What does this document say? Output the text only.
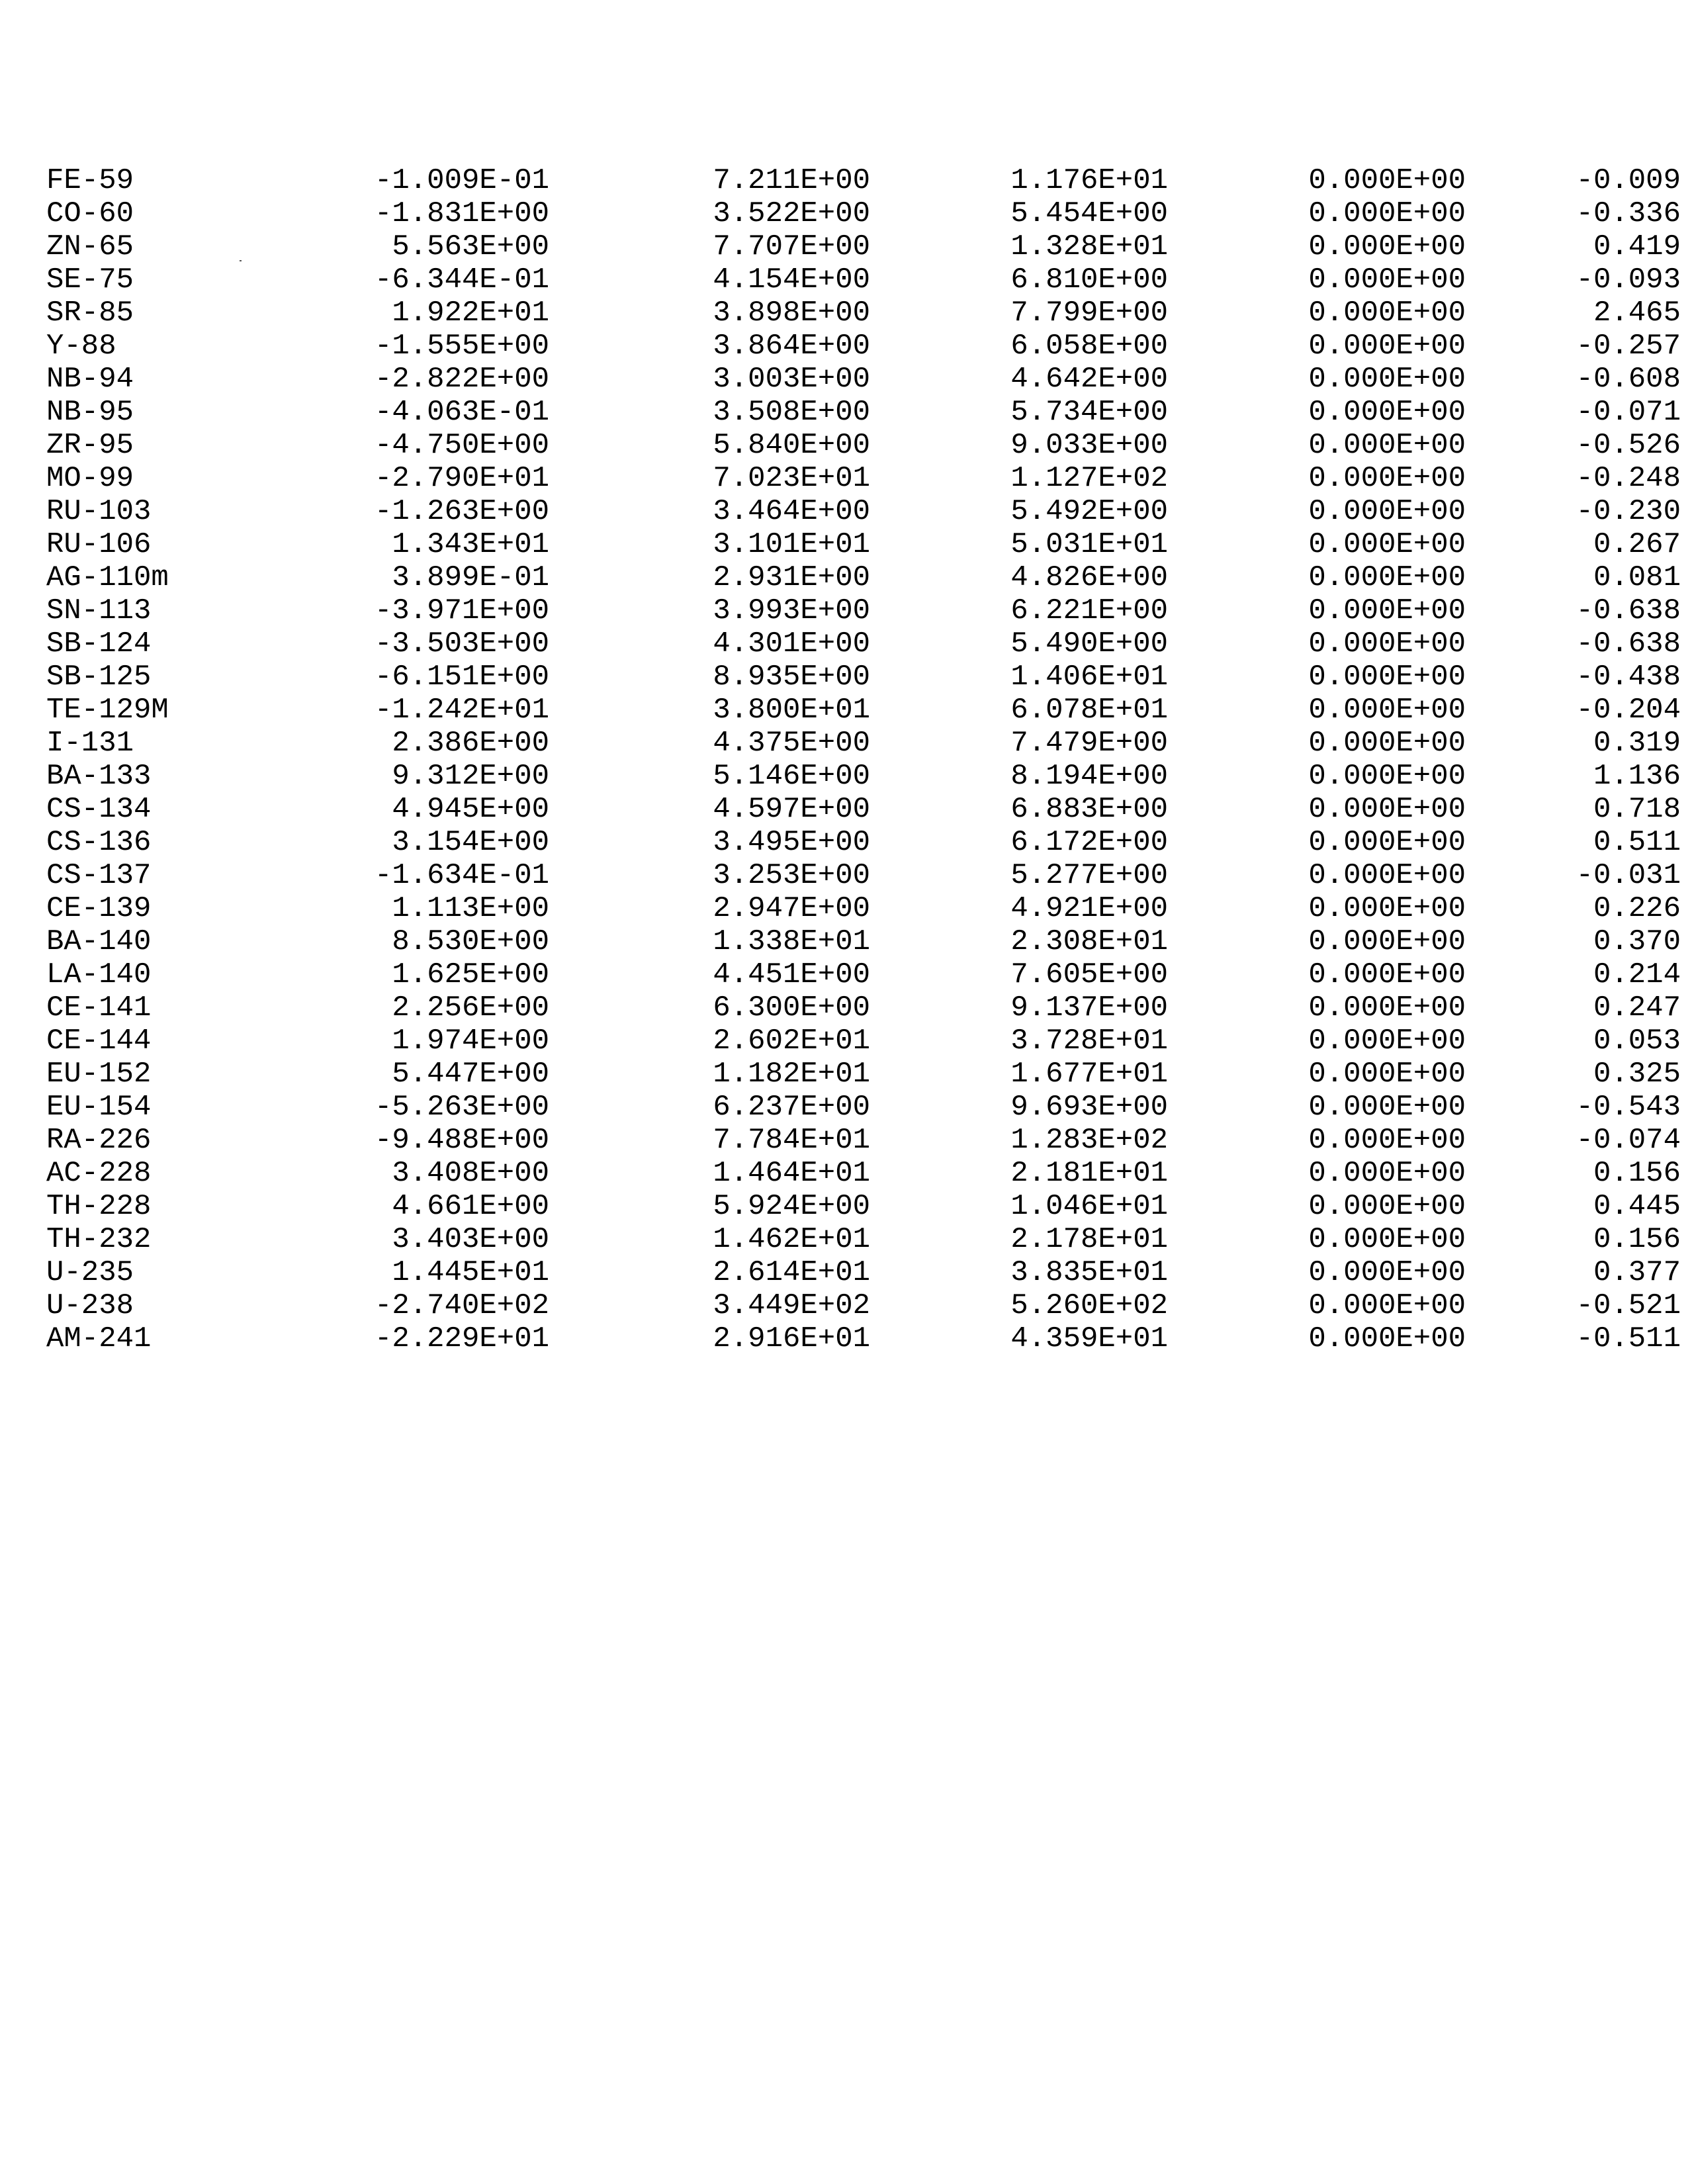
FE-59	-1.009E-01	7.211E+00	1.176E+01	0.000E+00	-0.009
CO-60	-1.831E+00	3.522E+00	5.454E+00	0.000E+00	-0.336
ZN-65	5.563E+00	7.707E+00	1.328E+01	0.000E+00	0.419
SE-75	-6.344E-01	4.154E+00	6.810E+00	0.000E+00	-0.093
SR-85	1.922E+01	3.898E+00	7.799E+00	0.000E+00	2.465
Y-88	-1.555E+00	3.864E+00	6.058E+00	0.000E+00	-0.257
NB-94	-2.822E+00	3.003E+00	4.642E+00	0.000E+00	-0.608
NB-95	-4.063E-01	3.508E+00	5.734E+00	0.000E+00	-0.071
ZR-95	-4.750E+00	5.840E+00	9.033E+00	0.000E+00	-0.526
MO-99	-2.790E+01	7.023E+01	1.127E+02	0.000E+00	-0.248
RU-103	-1.263E+00	3.464E+00	5.492E+00	0.000E+00	-0.230
RU-106	1.343E+01	3.101E+01	5.031E+01	0.000E+00	0.267
AG-110m	3.899E-01	2.931E+00	4.826E+00	0.000E+00	0.081
SN-113	-3.971E+00	3.993E+00	6.221E+00	0.000E+00	-0.638
SB-124	-3.503E+00	4.301E+00	5.490E+00	0.000E+00	-0.638
SB-125	-6.151E+00	8.935E+00	1.406E+01	0.000E+00	-0.438
TE-129M	-1.242E+01	3.800E+01	6.078E+01	0.000E+00	-0.204
I-131	2.386E+00	4.375E+00	7.479E+00	0.000E+00	0.319
BA-133	9.312E+00	5.146E+00	8.194E+00	0.000E+00	1.136
CS-134	4.945E+00	4.597E+00	6.883E+00	0.000E+00	0.718
CS-136	3.154E+00	3.495E+00	6.172E+00	0.000E+00	0.511
CS-137	-1.634E-01	3.253E+00	5.277E+00	0.000E+00	-0.031
CE-139	1.113E+00	2.947E+00	4.921E+00	0.000E+00	0.226
BA-140	8.530E+00	1.338E+01	2.308E+01	0.000E+00	0.370
LA-140	1.625E+00	4.451E+00	7.605E+00	0.000E+00	0.214
CE-141	2.256E+00	6.300E+00	9.137E+00	0.000E+00	0.247
CE-144	1.974E+00	2.602E+01	3.728E+01	0.000E+00	0.053
EU-152	5.447E+00	1.182E+01	1.677E+01	0.000E+00	0.325
EU-154	-5.263E+00	6.237E+00	9.693E+00	0.000E+00	-0.543
RA-226	-9.488E+00	7.784E+01	1.283E+02	0.000E+00	-0.074
AC-228	3.408E+00	1.464E+01	2.181E+01	0.000E+00	0.156
TH-228	4.661E+00	5.924E+00	1.046E+01	0.000E+00	0.445
TH-232	3.403E+00	1.462E+01	2.178E+01	0.000E+00	0.156
U-235	1.445E+01	2.614E+01	3.835E+01	0.000E+00	0.377
U-238	-2.740E+02	3.449E+02	5.260E+02	0.000E+00	-0.521
AM-241	-2.229E+01	2.916E+01	4.359E+01	0.000E+00	-0.511
